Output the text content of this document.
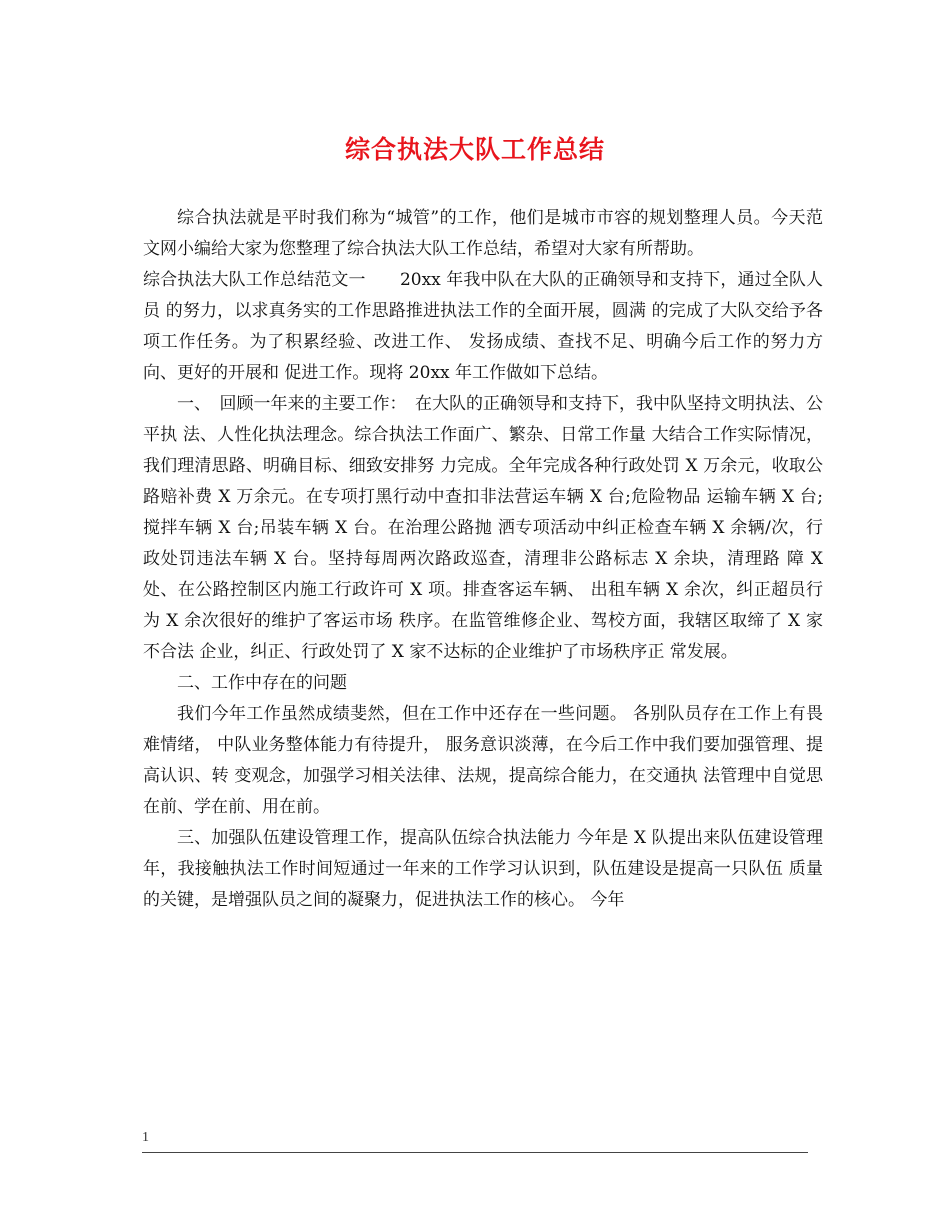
综合执法大队工作总结

综合执法就是平时我们称为“城管”的工作，他们是城市市容的规划整理人员。今天范文网小编给大家为您整理了综合执法大队工作总结，希望对大家有所帮助。

综合执法大队工作总结范文一　　20xx 年我中队在大队的正确领导和支持下，通过全队人员 的努力，以求真务实的工作思路推进执法工作的全面开展，圆满 的完成了大队交给予各项工作任务。为了积累经验、改进工作、 发扬成绩、查找不足、明确今后工作的努力方向、更好的开展和 促进工作。现将 20xx 年工作做如下总结。

一、　回顾一年来的主要工作：　在大队的正确领导和支持下，我中队坚持文明执法、公平执 法、人性化执法理念。综合执法工作面广、繁杂、日常工作量 大结合工作实际情况，我们理清思路、明确目标、细致安排努 力完成。全年完成各种行政处罚 X 万余元，收取公路赔补费 X 万余元。在专项打黑行动中查扣非法营运车辆 X 台;危险物品 运输车辆 X 台;搅拌车辆 X 台;吊装车辆 X 台。在治理公路抛 洒专项活动中纠正检查车辆 X 余辆/次，行政处罚违法车辆 X 台。坚持每周两次路政巡查，清理非公路标志 X 余块，清理路 障 X 处、在公路控制区内施工行政许可 X 项。排查客运车辆、 出租车辆 X 余次，纠正超员行为 X 余次很好的维护了客运市场 秩序。在监管维修企业、驾校方面，我辖区取缔了 X 家不合法 企业，纠正、行政处罚了 X 家不达标的企业维护了市场秩序正 常发展。

二、工作中存在的问题

我们今年工作虽然成绩斐然，但在工作中还存在一些问题。 各别队员存在工作上有畏难情绪， 中队业务整体能力有待提升， 服务意识淡薄，在今后工作中我们要加强管理、提高认识、转 变观念，加强学习相关法律、法规，提高综合能力，在交通执 法管理中自觉思在前、学在前、用在前。

三、加强队伍建设管理工作，提高队伍综合执法能力 今年是 X 队提出来队伍建设管理年，我接触执法工作时间短通过一年来的工作学习认识到，队伍建设是提高一只队伍 质量的关键，是增强队员之间的凝聚力，促进执法工作的核心。 今年

1
